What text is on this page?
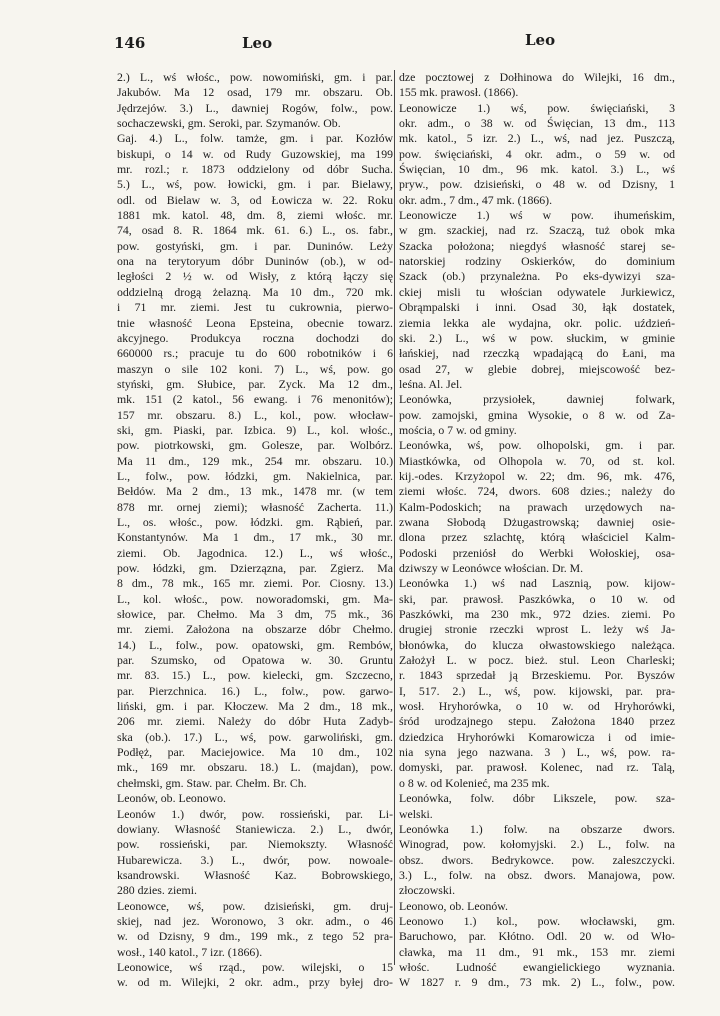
146	Leo	Leo
2.) L., wś włośc., pow. nowomiński, gm. i par.
Jakubów. Ma 12 osad, 179 mr. obszaru. Ob.
Jędrzejów. 3.) L., dawniej Rogów, folw., pow.
sochaczewski, gm. Seroki, par. Szymanów. Ob.
Gaj. 4.) L., folw. tamże, gm. i par. Kozłów
biskupi, o 14 w. od Rudy Guzowskiej, ma 199
mr. rozl.; r. 1873 oddzielony od dóbr Sucha.
5.) L., wś, pow. łowicki, gm. i par. Bielawy,
odl. od Bielaw w. 3, od Łowicza w. 22. Roku
1881 mk. katol. 48, dm. 8, ziemi włośc. mr.
74, osad 8. R. 1864 mk. 61. 6.) L., os. fabr.,
pow. gostyński, gm. i par. Duninów. Leży
ona na terytoryum dóbr Duninów (ob.), w od-
ległości 2 ½ w. od Wisły, z którą łączy się
oddzielną drogą żelazną. Ma 10 dm., 720 mk.
i 71 mr. ziemi. Jest tu cukrownia, pierwo-
tnie własność Leona Epsteina, obecnie towarz.
akcyjnego. Produkcya roczna dochodzi do
660000 rs.; pracuje tu do 600 robotników i 6
maszyn o sile 102 koni. 7) L., wś, pow. go
styński, gm. Słubice, par. Zyck. Ma 12 dm.,
mk. 151 (2 katol., 56 ewang. i 76 menonitów);
157 mr. obszaru. 8.) L., kol., pow. włocław-
ski, gm. Piaski, par. Izbica. 9) L., kol. włośc.,
pow. piotrkowski, gm. Golesze, par. Wolbórz.
Ma 11 dm., 129 mk., 254 mr. obszaru. 10.)
L., folw., pow. łódzki, gm. Nakielnica, par.
Bełdów. Ma 2 dm., 13 mk., 1478 mr. (w tem
878 mr. ornej ziemi); własność Zacherta. 11.)
L., os. włośc., pow. łódzki. gm. Rąbień, par.
Konstantynów. Ma 1 dm., 17 mk., 30 mr.
ziemi. Ob. Jagodnica. 12.) L., wś włośc.,
pow. łódzki, gm. Dzierzązna, par. Zgierz. Ma
8 dm., 78 mk., 165 mr. ziemi. Por. Ciosny. 13.)
L., kol. włośc., pow. noworadomski, gm. Ma-
słowice, par. Chełmo. Ma 3 dm, 75 mk., 36
mr. ziemi. Założona na obszarze dóbr Chełmo.
14.) L., folw., pow. opatowski, gm. Rembów,
par. Szumsko, od Opatowa w. 30. Gruntu
mr. 83. 15.) L., pow. kielecki, gm. Szczecno,
par. Pierzchnica. 16.) L., folw., pow. garwo-
liński, gm. i par. Kłoczew. Ma 2 dm., 18 mk.,
206 mr. ziemi. Należy do dóbr Huta Zadyb-
ska (ob.). 17.) L., wś, pow. garwoliński, gm.
Podłęż, par. Maciejowice. Ma 10 dm., 102
mk., 169 mr. obszaru. 18.) L. (majdan), pow.
chełmski, gm. Staw. par. Chełm. Br. Ch.
Leonów, ob. Leonowo.
Leonów 1.) dwór, pow. rossieński, par. Li-
dowiany. Własność Staniewicza. 2.) L., dwór,
pow. rossieński, par. Niemokszty. Własność
Hubarewicza. 3.) L., dwór, pow. nowoale-
ksandrowski. Własność Kaz. Bobrowskiego,
280 dzies. ziemi.
Leonowce, wś, pow. dzisieński, gm. druj-
skiej, nad jez. Woronowo, 3 okr. adm., o 46
w. od Dzisny, 9 dm., 199 mk., z tego 52 pra-
wosł., 140 katol., 7 izr. (1866).
Leonowice, wś rząd., pow. wilejski, o 15
w. od m. Wilejki, 2 okr. adm., przy byłej dro-
dze pocztowej z Dołhinowa do Wilejki, 16 dm.,
155 mk. prawosł. (1866).
Leonowicze 1.) wś, pow. święciański, 3
okr. adm., o 38 w. od Święcian, 13 dm., 113
mk. katol., 5 izr. 2.) L., wś, nad jez. Puszczą,
pow. święciański, 4 okr. adm., o 59 w. od
Święcian, 10 dm., 96 mk. katol. 3.) L., wś
pryw., pow. dzisieński, o 48 w. od Dzisny, 1
okr. adm., 7 dm., 47 mk. (1866).
Leonowicze 1.) wś w pow. ihumeńskim,
w gm. szackiej, nad rz. Szaczą, tuż obok mka
Szacka położona; niegdyś własność starej se-
natorskiej rodziny Oskierków, do dominium
Szack (ob.) przynależna. Po eks-dywizyi sza-
ckiej misli tu włościan odywatele Jurkiewicz,
Obrąmpalski i inni. Osad 30, łąk dostatek,
ziemia lekka ale wydajna, okr. polic. uździeń-
ski. 2.) L., wś w pow. słuckim, w gminie
łańskiej, nad rzeczką wpadającą do Łani, ma
osad 27, w glebie dobrej, miejscowość bez-
leśna. Al. Jel.
Leonówka, przysiołek, dawniej folwark,
pow. zamojski, gmina Wysokie, o 8 w. od Za-
mościa, o 7 w. od gminy.
Leonówka, wś, pow. olhopolski, gm. i par.
Miastkówka, od Olhopola w. 70, od st. kol.
kij.-odes. Krzyżopol w. 22; dm. 96, mk. 476,
ziemi włośc. 724, dwors. 608 dzies.; należy do
Kalm-Podoskich; na prawach urzędowych na-
zwana Słobodą Dżugastrowską; dawniej osie-
dlona przez szlachtę, którą właściciel Kalm-
Podoski przeniósł do Werbki Wołoskiej, osa-
dziwszy w Leonówce włościan. Dr. M.
Leonówka 1.) wś nad Lasznią, pow. kijow-
ski, par. prawosł. Paszkówka, o 10 w. od
Paszkówki, ma 230 mk., 972 dzies. ziemi. Po
drugiej stronie rzeczki wprost L. leży wś Ja-
błonówka, do klucza ołwastowskiego należąca.
Założył L. w pocz. bież. stul. Leon Charleski;
r. 1843 sprzedał ją Brzeskiemu. Por. Byszów
I, 517. 2.) L., wś, pow. kijowski, par. pra-
wosł. Hryhorówka, o 10 w. od Hryhorówki,
śród urodzajnego stepu. Założona 1840 przez
dziedzica Hryhorówki Komarowicza i od imie-
nia syna jego nazwana. 3 ) L., wś, pow. ra-
domyski, par. prawosł. Kolenec, nad rz. Talą,
o 8 w. od Kolenieć, ma 235 mk.
Leonówka, folw. dóbr Likszele, pow. sza-
welski.
Leonówka 1.) folw. na obszarze dwors.
Winograd, pow. kołomyjski. 2.) L., folw. na
obsz. dwors. Bedrykowce. pow. zaleszczycki.
3.) L., folw. na obsz. dwors. Manajowa, pow.
złoczowski.
Leonowo, ob. Leonów.
Leonowo 1.) kol., pow. włocławski, gm.
Baruchowo, par. Kłótno. Odl. 20 w. od Wło-
cławka, ma 11 dm., 91 mk., 153 mr. ziemi
włośc. Ludność ewangielickiego wyznania.
W 1827 r. 9 dm., 73 mk. 2) L., folw., pow.
